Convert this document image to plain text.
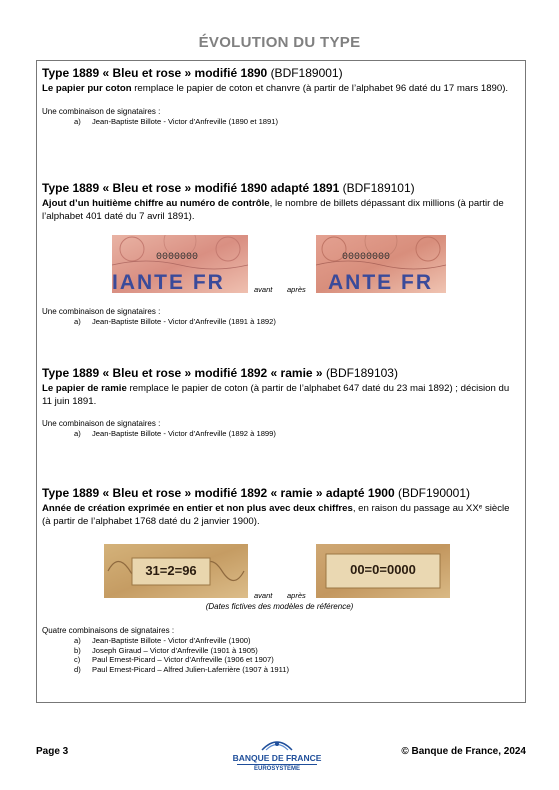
ÉVOLUTION DU TYPE
Type 1889 « Bleu et rose » modifié 1890 (BDF189001)
Le papier pur coton remplace le papier de coton et chanvre (à partir de l’alphabet 96 daté du 17 mars 1890).
Une combinaison de signataires :
a) Jean-Baptiste Billote - Victor d’Anfreville (1890 et 1891)
Type 1889 « Bleu et rose » modifié 1890 adapté 1891 (BDF189101)
Ajout d’un huitième chiffre au numéro de contrôle, le nombre de billets dépassant dix millions (à partir de l’alphabet 401 daté du 7 avril 1891).
0000000
IANTE FR	avant après
00000000
ANTE FR
Une combinaison de signataires :
a) Jean-Baptiste Billote - Victor d’Anfreville (1891 à 1892)
Type 1889 « Bleu et rose » modifié 1892 « ramie » (BDF189103)
Le papier de ramie remplace le papier de coton (à partir de l’alphabet 647 daté du 23 mai 1892) ; décision du 11 juin 1891.
Une combinaison de signataires :
a) Jean-Baptiste Billote - Victor d’Anfreville (1892 à 1899)
Type 1889 « Bleu et rose » modifié 1892 « ramie » adapté 1900 (BDF190001)
Année de création exprimée en entier et non plus avec deux chiffres, en raison du passage au XXᵉ siècle (à partir de l’alphabet 1768 daté du 2 janvier 1900).
31=2=96
avant après
00=0=0000
(Dates fictives des modèles de référence)
Quatre combinaisons de signataires :
a) Jean-Baptiste Billote - Victor d’Anfreville (1900)
b) Joseph Giraud – Victor d’Anfreville (1901 à 1905)
c) Paul Ernest-Picard – Victor d’Anfreville (1906 et 1907)
d) Paul Ernest-Picard – Alfred Julien-Laferrière (1907 à 1911)
Page 3
BANQUE DE FRANCE
EUROSYSTÈME
© Banque de France, 2024
